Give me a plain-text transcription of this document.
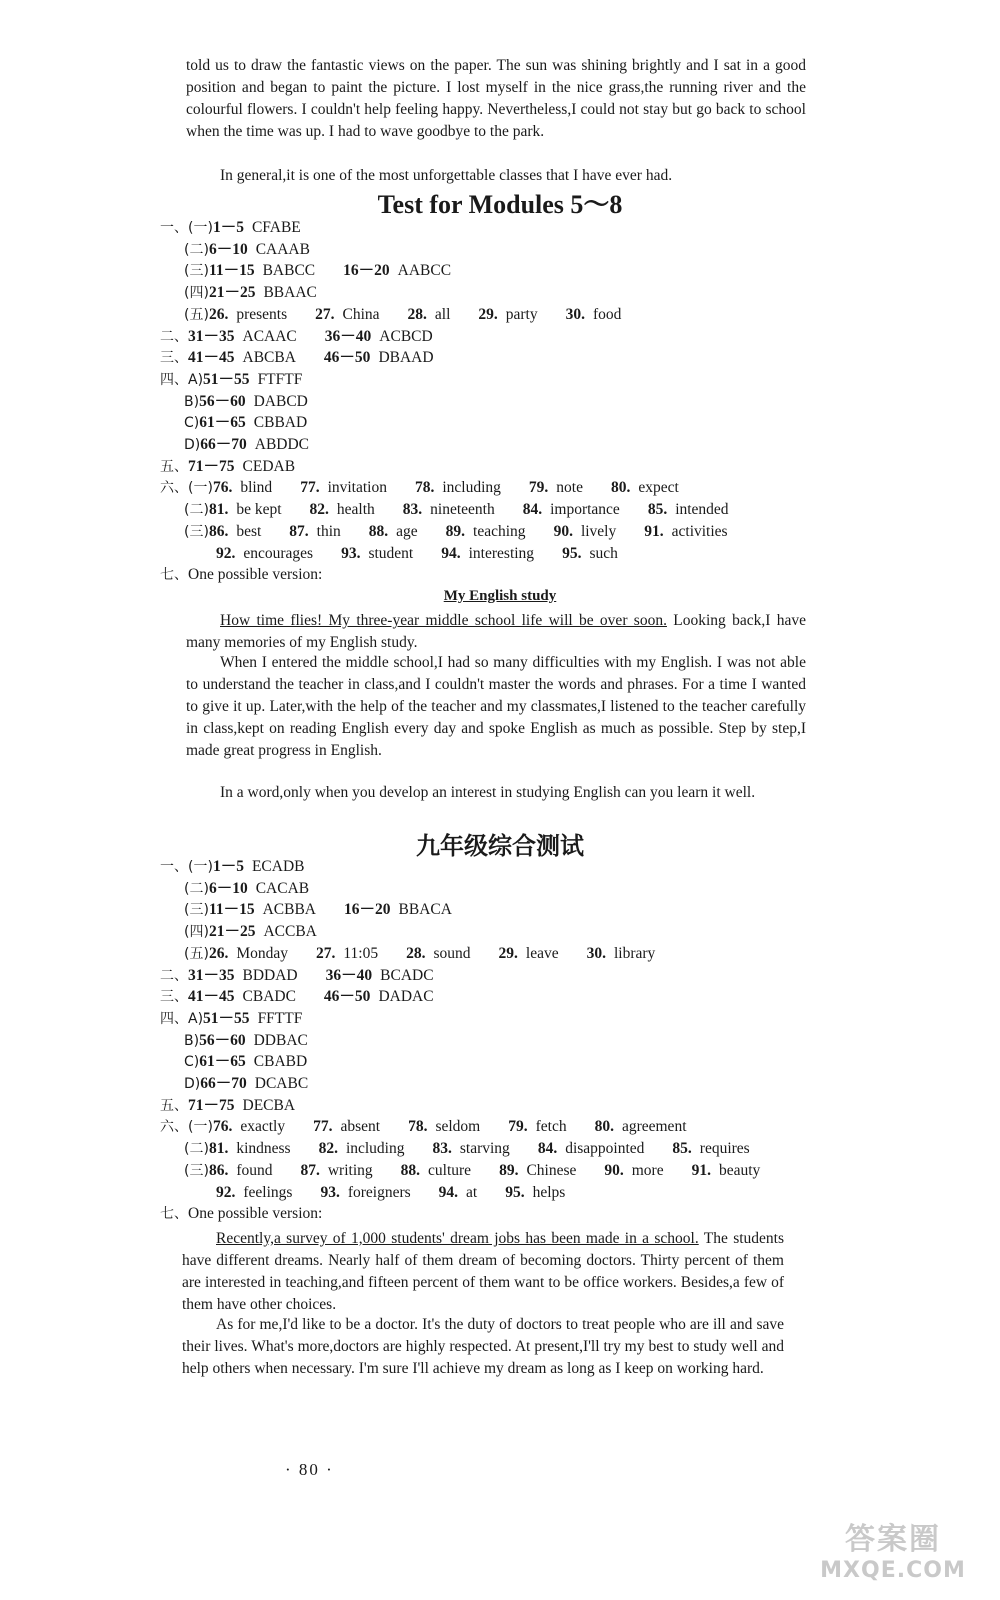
told us to draw the fantastic views on the paper. The sun was shining brightly and I sat in a good position and began to paint the picture. I lost myself in the nice grass,the running river and the colourful flowers. I couldn't help feeling happy. Nevertheless,I could not stay but go back to school when the time was up. I had to wave goodbye to the park.

In general,it is one of the most unforgettable classes that I have ever had.

Test for Modules 5～8
一、(一)1－5 CFABE
(二)6－10 CAAAB
(三)11－15 BABCC 16－20 AABCC
(四)21－25 BBAAC
(五)26. presents 27. China 28. all 29. party 30. food
二、31－35 ACAAC 36－40 ACBCD
三、41－45 ABCBA 46－50 DBAAD
四、A)51－55 FTFTF
B)56－60 DABCD
C)61－65 CBBAD
D)66－70 ABDDC
五、71－75 CEDAB
六、(一)76. blind 77. invitation 78. including 79. note 80. expect
(二)81. be kept 82. health 83. nineteenth 84. importance 85. intended
(三)86. best 87. thin 88. age 89. teaching 90. lively 91. activities
92. encourages 93. student 94. interesting 95. such
七、One possible version:
My English study

How time flies! My three-year middle school life will be over soon. Looking back,I have many memories of my English study.

When I entered the middle school,I had so many difficulties with my English. I was not able to understand the teacher in class,and I couldn't master the words and phrases. For a time I wanted to give it up. Later,with the help of the teacher and my classmates,I listened to the teacher carefully in class,kept on reading English every day and spoke English as much as possible. Step by step,I made great progress in English.

In a word,only when you develop an interest in studying English can you learn it well.

九年级综合测试
一、(一)1－5 ECADB
(二)6－10 CACAB
(三)11－15 ACBBA 16－20 BBACA
(四)21－25 ACCBA
(五)26. Monday 27. 11:05 28. sound 29. leave 30. library
二、31－35 BDDAD 36－40 BCADC
三、41－45 CBADC 46－50 DADAC
四、A)51－55 FFTTF
B)56－60 DDBAC
C)61－65 CBABD
D)66－70 DCABC
五、71－75 DECBA
六、(一)76. exactly 77. absent 78. seldom 79. fetch 80. agreement
(二)81. kindness 82. including 83. starving 84. disappointed 85. requires
(三)86. found 87. writing 88. culture 89. Chinese 90. more 91. beauty
92. feelings 93. foreigners 94. at 95. helps
七、One possible version:

Recently,a survey of 1,000 students' dream jobs has been made in a school. The students have different dreams. Nearly half of them dream of becoming doctors. Thirty percent of them are interested in teaching,and fifteen percent of them want to be office workers. Besides,a few of them have other choices.

As for me,I'd like to be a doctor. It's the duty of doctors to treat people who are ill and save their lives. What's more,doctors are highly respected. At present,I'll try my best to study well and help others when necessary. I'm sure I'll achieve my dream as long as I keep on working hard.

· 80 ·
答案圈
MXQE.COM
